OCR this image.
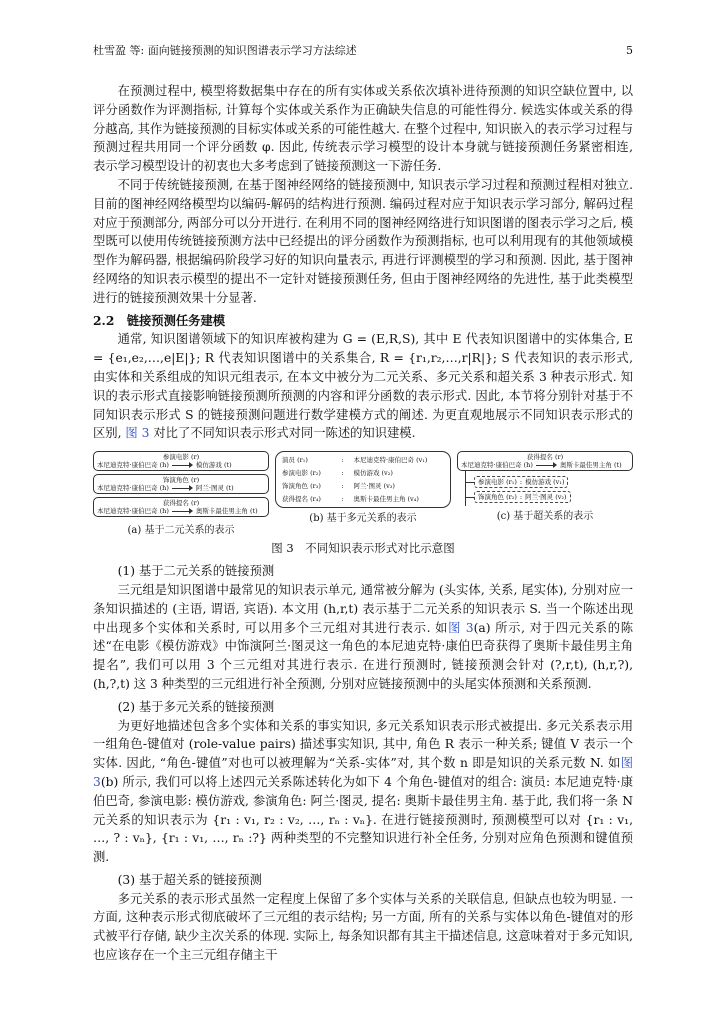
杜雪盈 等: 面向链接预测的知识图谱表示学习方法综述	5

在预测过程中, 模型将数据集中存在的所有实体或关系依次填补进待预测的知识空缺位置中, 以评分函数作为评测指标, 计算每个实体或关系作为正确缺失信息的可能性得分. 候选实体或关系的得分越高, 其作为链接预测的目标实体或关系的可能性越大. 在整个过程中, 知识嵌入的表示学习过程与预测过程共用同一个评分函数 φ. 因此, 传统表示学习模型的设计本身就与链接预测任务紧密相连, 表示学习模型设计的初衷也大多考虑到了链接预测这一下游任务.

不同于传统链接预测, 在基于图神经网络的链接预测中, 知识表示学习过程和预测过程相对独立. 目前的图神经网络模型均以编码-解码的结构进行预测. 编码过程对应于知识表示学习部分, 解码过程对应于预测部分, 两部分可以分开进行. 在利用不同的图神经网络进行知识图谱的图表示学习之后, 模型既可以使用传统链接预测方法中已经提出的评分函数作为预测指标, 也可以利用现有的其他领域模型作为解码器, 根据编码阶段学习好的知识向量表示, 再进行评测模型的学习和预测. 因此, 基于图神经网络的知识表示模型的提出不一定针对链接预测任务, 但由于图神经网络的先进性, 基于此类模型进行的链接预测效果十分显著.

2.2　链接预测任务建模

通常, 知识图谱领域下的知识库被构建为 G = (E,R,S), 其中 E 代表知识图谱中的实体集合, E = {e₁,e₂,…,e|E|}; R 代表知识图谱中的关系集合, R = {r₁,r₂,…,r|R|}; S 代表知识的表示形式, 由实体和关系组成的知识元组表示, 在本文中被分为二元关系、多元关系和超关系 3 种表示形式. 知识的表示形式直接影响链接预测所预测的内容和评分函数的表示形式. 因此, 本节将分别针对基于不同知识表示形式 S 的链接预测问题进行数学建模方式的阐述. 为更直观地展示不同知识表示形式的区别, 图 3 对比了不同知识表示形式对同一陈述的知识建模.

参演电影 (r)
本尼迪克特·康伯巴奇 (h)	模仿游戏 (t)
饰演角色 (r)
本尼迪克特·康伯巴奇 (h)	阿兰·图灵 (t)
获得提名 (r)
本尼迪克特·康伯巴奇 (h)	奥斯卡最佳男主角 (t)
(a) 基于二元关系的表示
演员 (r₁)	:	本尼迪克特·康伯巴奇 (v₁)
参演电影 (r₂)	:	模仿游戏 (v₂)
饰演角色 (r₃)	:	阿兰·图灵 (v₃)
获得提名 (r₄)	:	奥斯卡最佳男主角 (v₄)
(b) 基于多元关系的表示
获得提名 (r)
本尼迪克特·康伯巴奇 (h)	奥斯卡最佳男主角 (t)
参演电影 (r₁) : 模仿游戏 (v₁)
饰演角色 (r₂) : 阿兰·图灵 (v₂)
(c) 基于超关系的表示
图 3　不同知识表示形式对比示意图

(1) 基于二元关系的链接预测

三元组是知识图谱中最常见的知识表示单元, 通常被分解为 (头实体, 关系, 尾实体), 分别对应一条知识描述的 (主语, 谓语, 宾语). 本文用 (h,r,t) 表示基于二元关系的知识表示 S. 当一个陈述出现中出现多个实体和关系时, 可以用多个三元组对其进行表示. 如图 3(a) 所示, 对于四元关系的陈述“在电影《模仿游戏》中饰演阿兰·图灵这一角色的本尼迪克特·康伯巴奇获得了奥斯卡最佳男主角提名”, 我们可以用 3 个三元组对其进行表示. 在进行预测时, 链接预测会针对 (?,r,t), (h,r,?), (h,?,t) 这 3 种类型的三元组进行补全预测, 分别对应链接预测中的头尾实体预测和关系预测.

(2) 基于多元关系的链接预测

为更好地描述包含多个实体和关系的事实知识, 多元关系知识表示形式被提出. 多元关系表示用一组角色-键值对 (role-value pairs) 描述事实知识, 其中, 角色 R 表示一种关系; 键值 V 表示一个实体. 因此, “角色-键值”对也可以被理解为“关系-实体”对, 其个数 n 即是知识的关系元数 N. 如图 3(b) 所示, 我们可以将上述四元关系陈述转化为如下 4 个角色-键值对的组合: 演员: 本尼迪克特·康伯巴奇, 参演电影: 模仿游戏, 参演角色: 阿兰·图灵, 提名: 奥斯卡最佳男主角. 基于此, 我们将一条 N 元关系的知识表示为 {r₁ : v₁, r₂ : v₂, …, rₙ : vₙ}. 在进行链接预测时, 预测模型可以对 {r₁ : v₁, …, ? : vₙ}, {r₁ : v₁, …, rₙ :?} 两种类型的不完整知识进行补全任务, 分别对应角色预测和键值预测.

(3) 基于超关系的链接预测

多元关系的表示形式虽然一定程度上保留了多个实体与关系的关联信息, 但缺点也较为明显. 一方面, 这种表示形式彻底破坏了三元组的表示结构; 另一方面, 所有的关系与实体以角色-键值对的形式被平行存储, 缺少主次关系的体现. 实际上, 每条知识都有其主干描述信息, 这意味着对于多元知识, 也应该存在一个主三元组存储主干
